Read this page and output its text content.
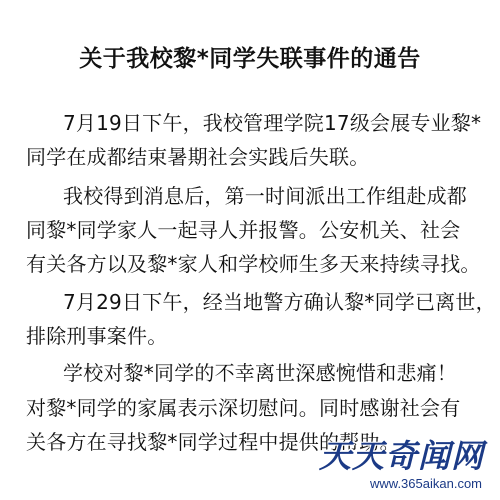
关于我校黎*同学失联事件的通告
7月19日下午，我校管理学院17级会展专业黎*
同学在成都结束暑期社会实践后失联。
我校得到消息后，第一时间派出工作组赴成都
同黎*同学家人一起寻人并报警。公安机关、社会
有关各方以及黎*家人和学校师生多天来持续寻找。
7月29日下午，经当地警方确认黎*同学已离世，
排除刑事案件。
学校对黎*同学的不幸离世深感惋惜和悲痛！
对黎*同学的家属表示深切慰问。同时感谢社会有
关各方在寻找黎*同学过程中提供的帮助。
天天奇闻网
www.365aikan.com
